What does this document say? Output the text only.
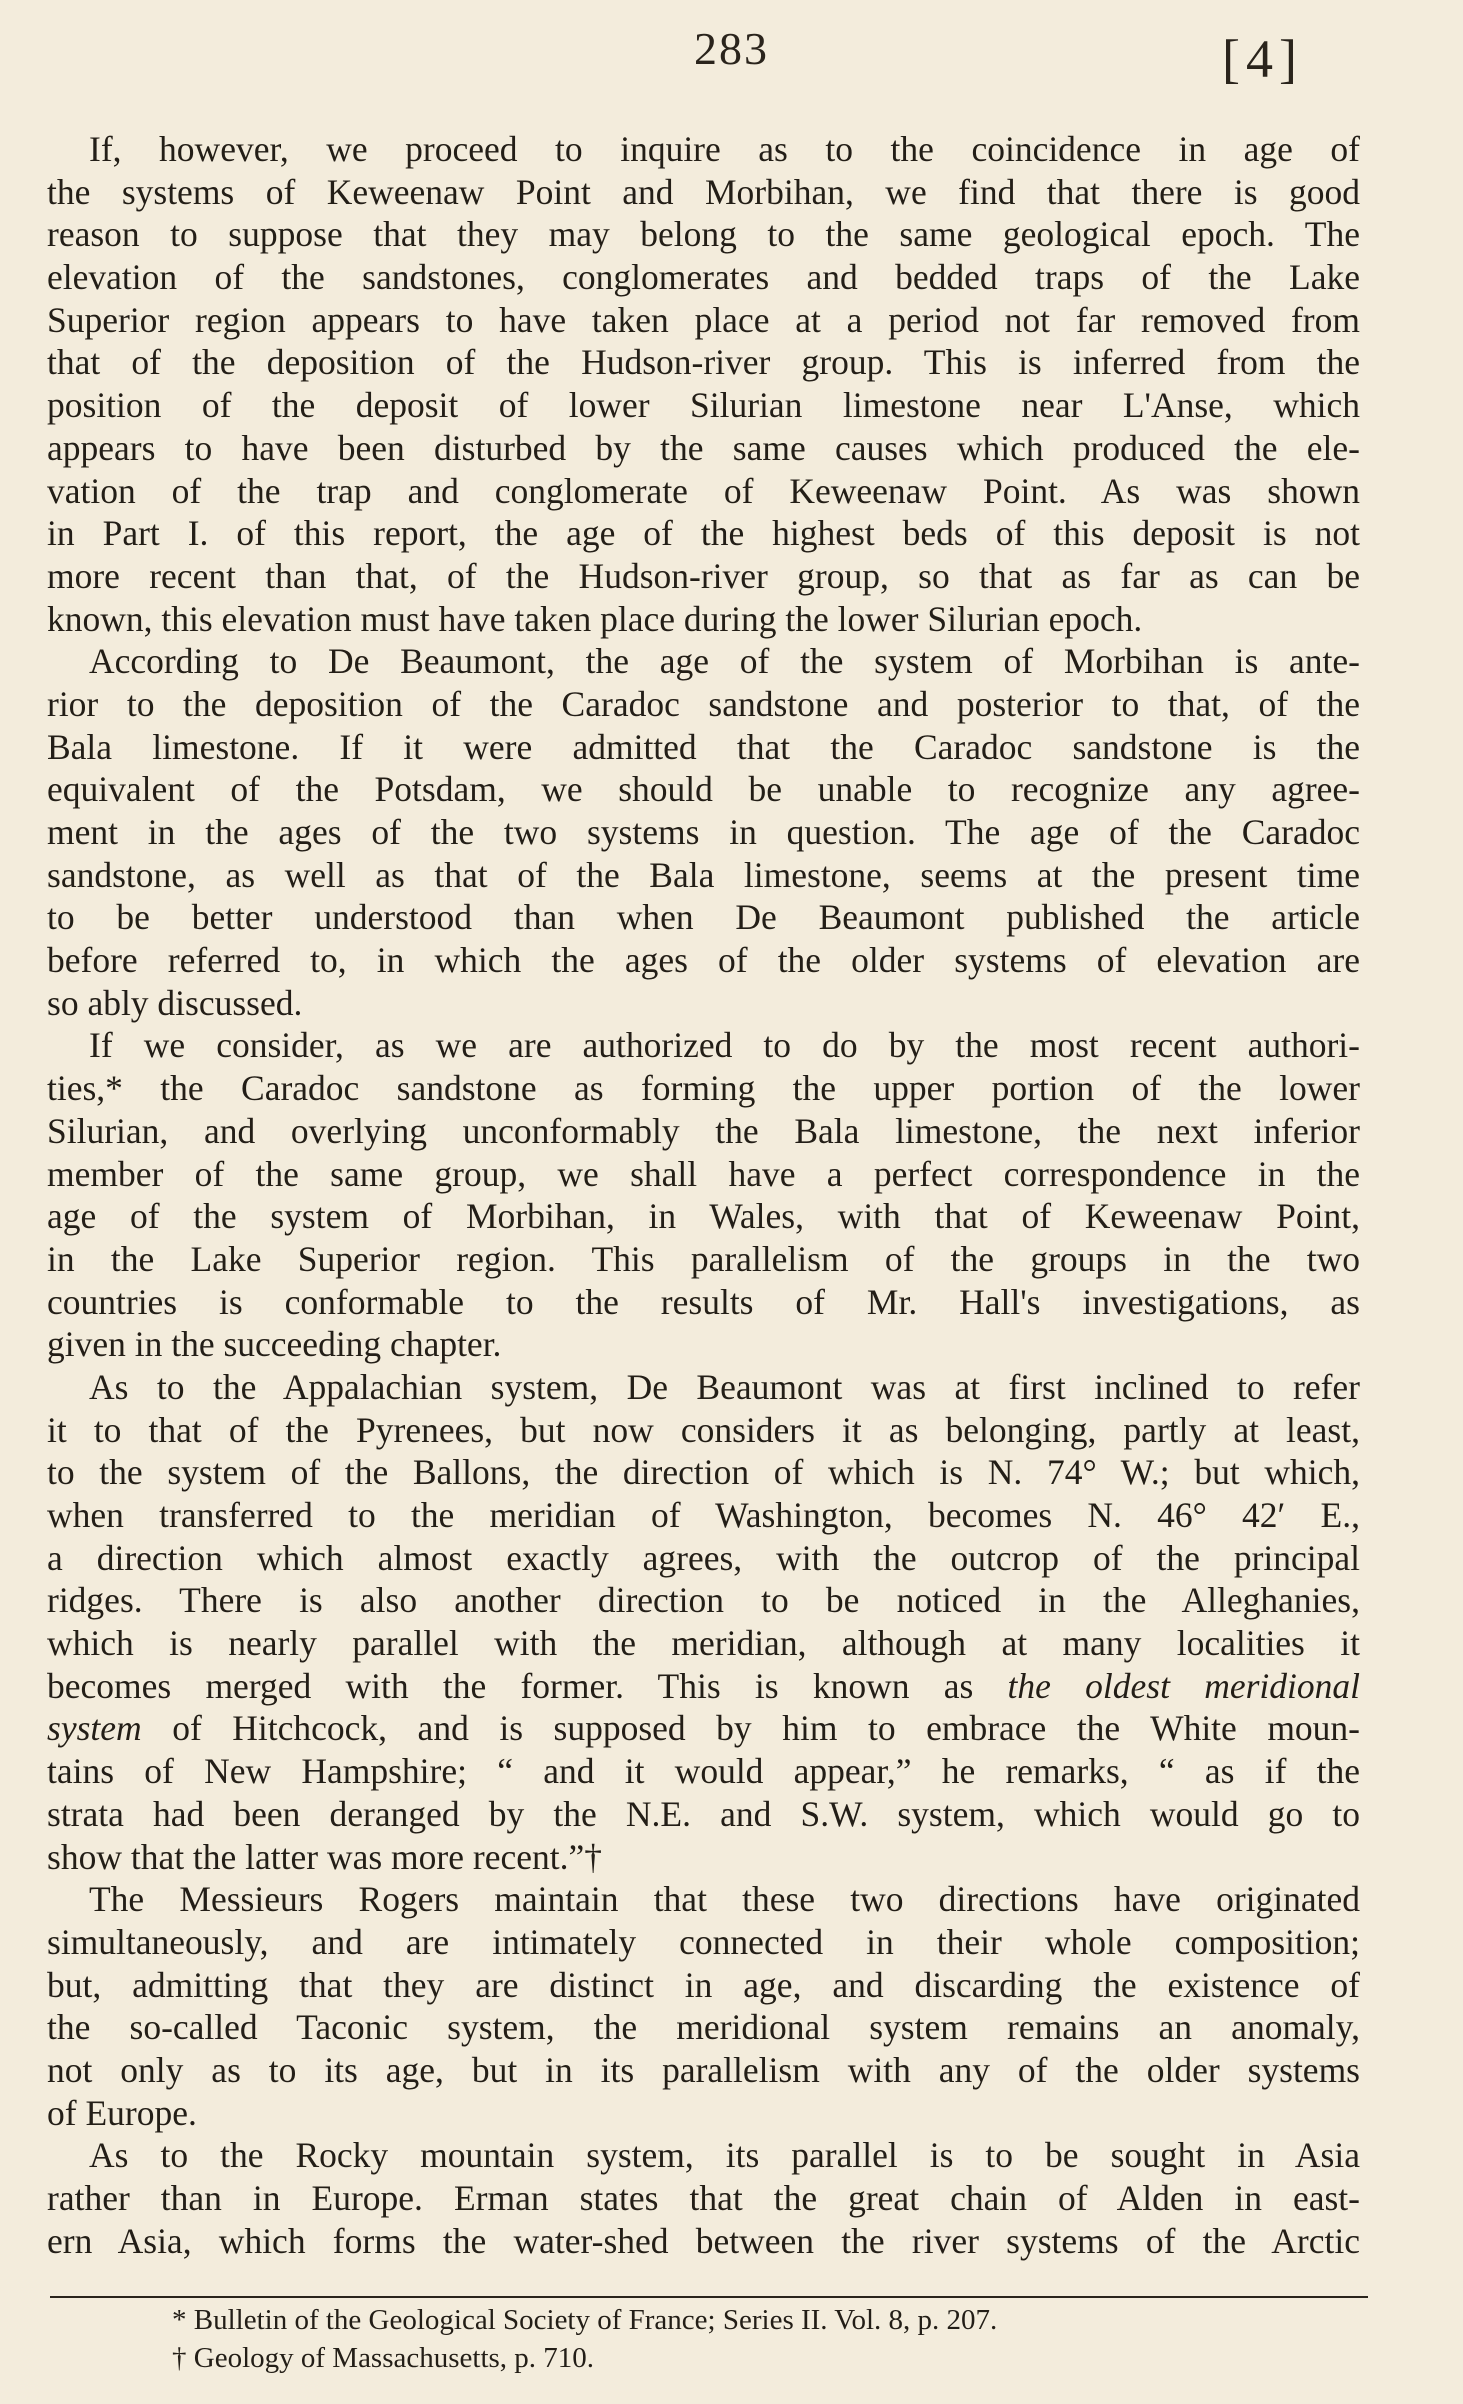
283	[4]
If, however, we proceed to inquire as to the coincidence in age of
the systems of Keweenaw Point and Morbihan, we find that there is good
reason to suppose that they may belong to the same geological epoch. The
elevation of the sandstones, conglomerates and bedded traps of the Lake
Superior region appears to have taken place at a period not far removed from
that of the deposition of the Hudson-river group. This is inferred from the
position of the deposit of lower Silurian limestone near L'Anse, which
appears to have been disturbed by the same causes which produced the ele-
vation of the trap and conglomerate of Keweenaw Point. As was shown
in Part I. of this report, the age of the highest beds of this deposit is not
more recent than that, of the Hudson-river group, so that as far as can be
known, this elevation must have taken place during the lower Silurian epoch.
According to De Beaumont, the age of the system of Morbihan is ante-
rior to the deposition of the Caradoc sandstone and posterior to that, of the
Bala limestone. If it were admitted that the Caradoc sandstone is the
equivalent of the Potsdam, we should be unable to recognize any agree-
ment in the ages of the two systems in question. The age of the Caradoc
sandstone, as well as that of the Bala limestone, seems at the present time
to be better understood than when De Beaumont published the article
before referred to, in which the ages of the older systems of elevation are
so ably discussed.
If we consider, as we are authorized to do by the most recent authori-
ties,* the Caradoc sandstone as forming the upper portion of the lower
Silurian, and overlying unconformably the Bala limestone, the next inferior
member of the same group, we shall have a perfect correspondence in the
age of the system of Morbihan, in Wales, with that of Keweenaw Point,
in the Lake Superior region. This parallelism of the groups in the two
countries is conformable to the results of Mr. Hall's investigations, as
given in the succeeding chapter.
As to the Appalachian system, De Beaumont was at first inclined to refer
it to that of the Pyrenees, but now considers it as belonging, partly at least,
to the system of the Ballons, the direction of which is N. 74° W.; but which,
when transferred to the meridian of Washington, becomes N. 46° 42′ E.,
a direction which almost exactly agrees, with the outcrop of the principal
ridges. There is also another direction to be noticed in the Alleghanies,
which is nearly parallel with the meridian, although at many localities it
becomes merged with the former. This is known as the oldest meridional
system of Hitchcock, and is supposed by him to embrace the White moun-
tains of New Hampshire; “ and it would appear,” he remarks, “ as if the
strata had been deranged by the N.E. and S.W. system, which would go to
show that the latter was more recent.”†
The Messieurs Rogers maintain that these two directions have originated
simultaneously, and are intimately connected in their whole composition;
but, admitting that they are distinct in age, and discarding the existence of
the so-called Taconic system, the meridional system remains an anomaly,
not only as to its age, but in its parallelism with any of the older systems
of Europe.
As to the Rocky mountain system, its parallel is to be sought in Asia
rather than in Europe. Erman states that the great chain of Alden in east-
ern Asia, which forms the water-shed between the river systems of the Arctic
* Bulletin of the Geological Society of France; Series II. Vol. 8, p. 207.
† Geology of Massachusetts, p. 710.
